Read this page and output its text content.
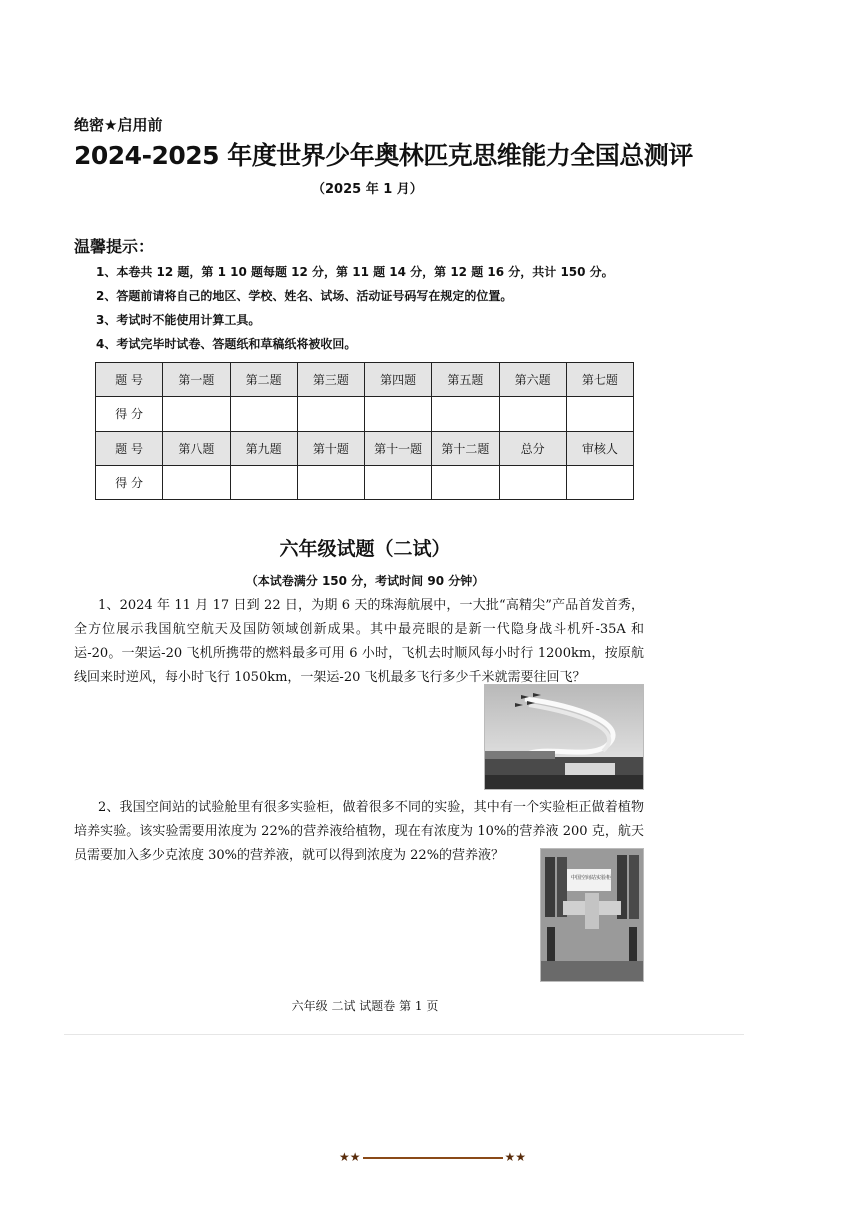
绝密★启用前
2024-2025 年度世界少年奥林匹克思维能力全国总测评
（2025 年 1 月）
温馨提示：
1、本卷共 12 题，第 1 10 题每题 12 分，第 11 题 14 分，第 12 题 16 分，共计 150 分。
2、答题前请将自己的地区、学校、姓名、试场、活动证号码写在规定的位置。
3、考试时不能使用计算工具。
4、考试完毕时试卷、答题纸和草稿纸将被收回。
题 号	第一题	第二题	第三题	第四题	第五题	第六题	第七题
得 分							
题 号	第八题	第九题	第十题	第十一题	第十二题	总分	审核人
得 分							
六年级试题（二试）
（本试卷满分 150 分，考试时间 90 分钟）
1、2024 年 11 月 17 日到 22 日，为期 6 天的珠海航展中，一大批“高精尖”产品首发首秀，全方位展示我国航空航天及国防领域创新成果。其中最亮眼的是新一代隐身战斗机歼-35A 和运-20。一架运-20 飞机所携带的燃料最多可用 6 小时，飞机去时顺风每小时行 1200km，按原航线回来时逆风，每小时飞行 1050km，一架运-20 飞机最多飞行多少千米就需要往回飞？
2、我国空间站的试验舱里有很多实验柜，做着很多不同的实验，其中有一个实验柜正做着植物培养实验。该实验需要用浓度为 22%的营养液给植物，现在有浓度为 10%的营养液 200 克，航天员需要加入多少克浓度 30%的营养液，就可以得到浓度为 22%的营养液？
中国空间站实验柜
六年级 二试 试题卷 第 1 页
★★	★★
